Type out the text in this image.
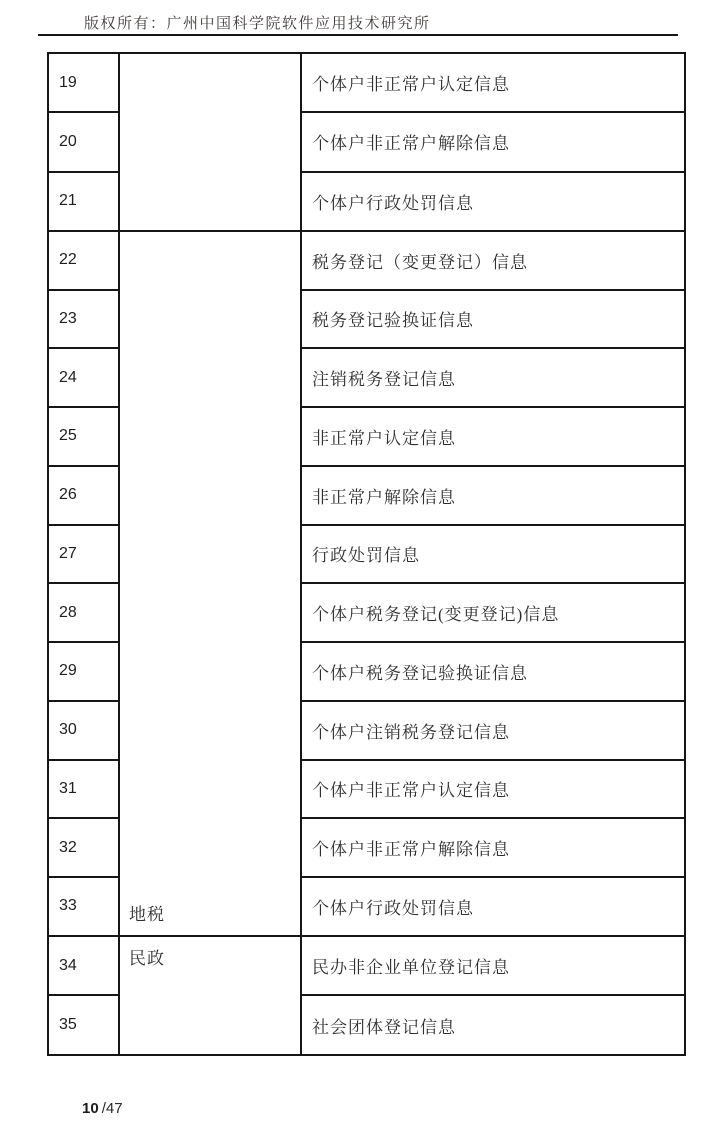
版权所有：广州中国科学院软件应用技术研究所
19
20
21
个体户非正常户认定信息
个体户非正常户解除信息
个体户行政处罚信息
22
23
24
25
26
27
28
29
30
31
32
33	地税
税务登记（变更登记）信息
税务登记验换证信息
注销税务登记信息
非正常户认定信息
非正常户解除信息
行政处罚信息
个体户税务登记(变更登记)信息
个体户税务登记验换证信息
个体户注销税务登记信息
个体户非正常户认定信息
个体户非正常户解除信息
个体户行政处罚信息
34
35
民政	民办非企业单位登记信息
社会团体登记信息
10 /47
